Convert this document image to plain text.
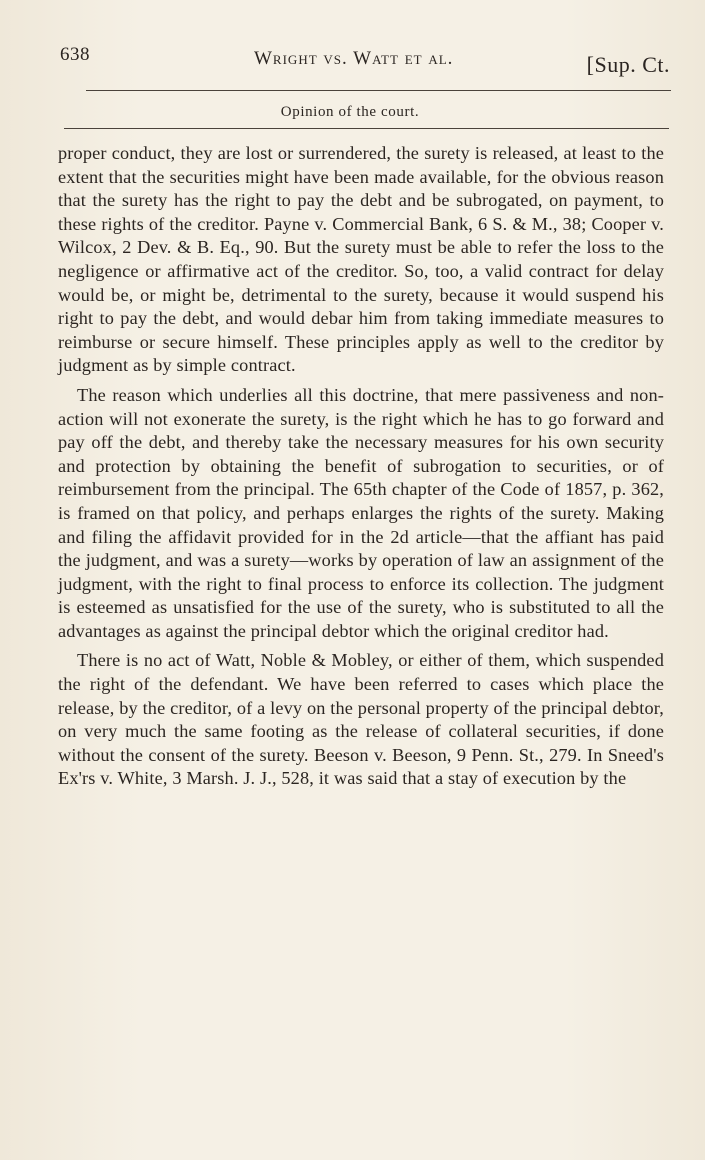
638	Wright vs. Watt et al.	[Sup. Ct.
Opinion of the court.

proper conduct, they are lost or surrendered, the surety is released, at least to the extent that the securities might have been made available, for the obvious reason that the surety has the right to pay the debt and be subrogated, on payment, to these rights of the creditor. Payne v. Commercial Bank, 6 S. & M., 38; Cooper v. Wilcox, 2 Dev. & B. Eq., 90. But the surety must be able to refer the loss to the negligence or affirmative act of the creditor. So, too, a valid contract for delay would be, or might be, detrimental to the surety, because it would suspend his right to pay the debt, and would debar him from taking immediate measures to reimburse or secure himself. These principles apply as well to the creditor by judgment as by simple contract.

The reason which underlies all this doctrine, that mere passiveness and non-action will not exonerate the surety, is the right which he has to go forward and pay off the debt, and thereby take the necessary measures for his own security and protection by obtaining the benefit of subrogation to securities, or of reimbursement from the principal. The 65th chapter of the Code of 1857, p. 362, is framed on that policy, and perhaps enlarges the rights of the surety. Making and filing the affidavit provided for in the 2d article—that the affiant has paid the judgment, and was a surety—works by operation of law an assignment of the judgment, with the right to final process to enforce its collection. The judgment is esteemed as unsatisfied for the use of the surety, who is substituted to all the advantages as against the principal debtor which the original creditor had.

There is no act of Watt, Noble & Mobley, or either of them, which suspended the right of the defendant. We have been referred to cases which place the release, by the creditor, of a levy on the personal property of the principal debtor, on very much the same footing as the release of collateral securities, if done without the consent of the surety. Beeson v. Beeson, 9 Penn. St., 279. In Sneed's Ex'rs v. White, 3 Marsh. J. J., 528, it was said that a stay of execution by the
